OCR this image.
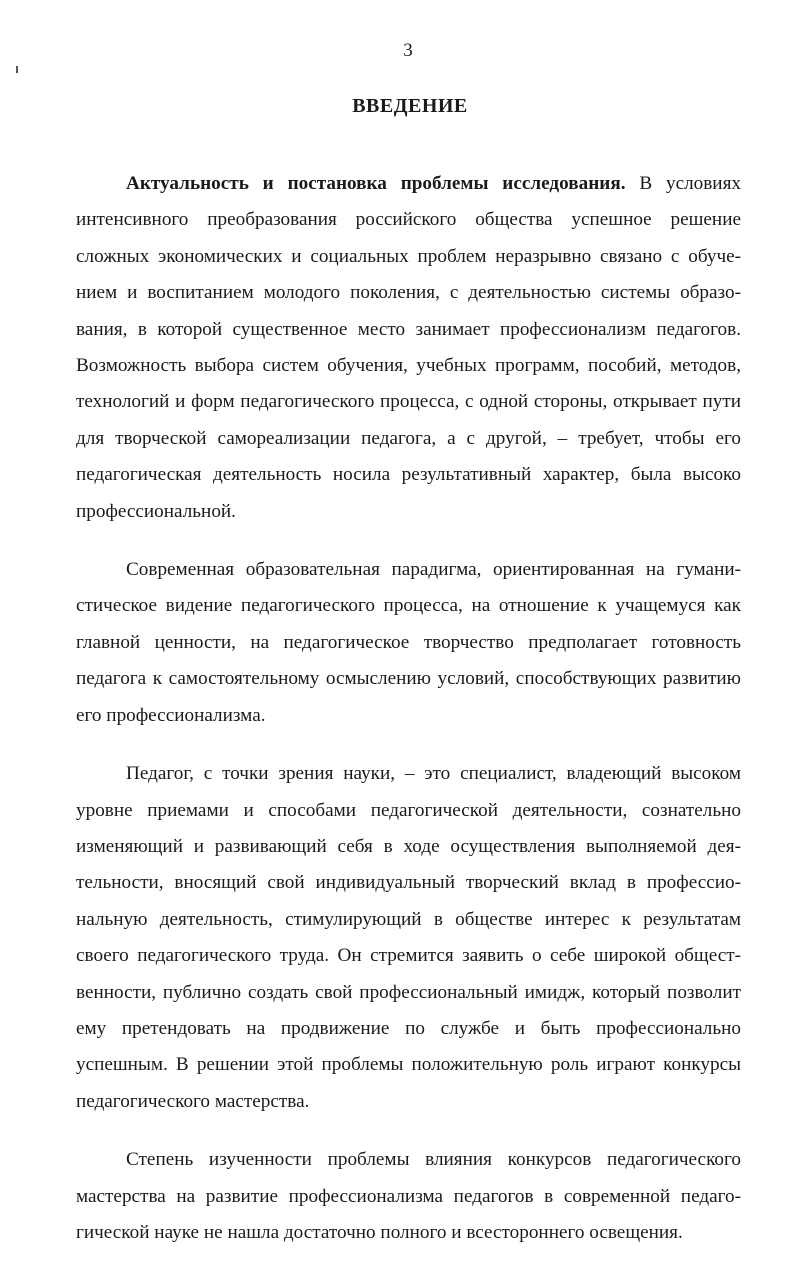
3
ВВЕДЕНИЕ

Актуальность и постановка проблемы исследования. В условиях интенсивного преобразования российского общества успешное решение сложных экономических и социальных проблем неразрывно связано с обучением и воспитанием молодого поколения, с деятельностью системы образования, в которой существенное место занимает профессионализм педагогов. Возможность выбора систем обучения, учебных программ, пособий, методов, технологий и форм педагогического процесса, с одной стороны, открывает пути для творческой самореализации педагога, а с другой, – требует, чтобы его педагогическая деятельность носила результативный характер, была высоко профессиональной.

Современная образовательная парадигма, ориентированная на гуманистическое видение педагогического процесса, на отношение к учащемуся как главной ценности, на педагогическое творчество предполагает готовность педагога к самостоятельному осмыслению условий, способствующих развитию его профессионализма.

Педагог, с точки зрения науки, – это специалист, владеющий высоком уровне приемами и способами педагогической деятельности, сознательно изменяющий и развивающий себя в ходе осуществления выполняемой деятельности, вносящий свой индивидуальный творческий вклад в профессиональную деятельность, стимулирующий в обществе интерес к результатам своего педагогического труда. Он стремится заявить о себе широкой общественности, публично создать свой профессиональный имидж, который позволит ему претендовать на продвижение по службе и быть профессионально успешным. В решении этой проблемы положительную роль играют конкурсы педагогического мастерства.

Степень изученности проблемы влияния конкурсов педагогического мастерства на развитие профессионализма педагогов в современной педагогической науке не нашла достаточно полного и всестороннего освещения.
